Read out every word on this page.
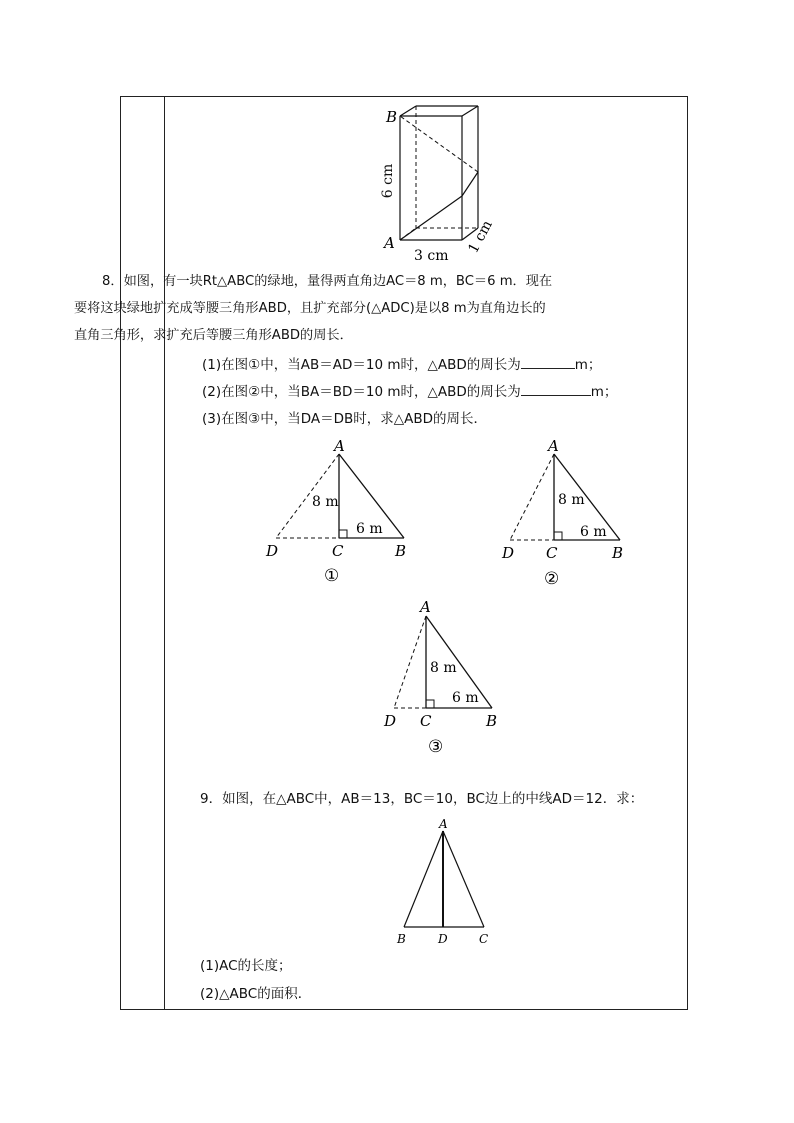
B
A
3 cm
1 cm
6 cm
8．如图，有一块Rt△ABC的绿地，量得两直角边AC＝8 m，BC＝6 m．现在
要将这块绿地扩充成等腰三角形ABD，且扩充部分(△ADC)是以8 m为直角边长的
直角三角形，求扩充后等腰三角形ABD的周长．
(1)在图①中，当AB＝AD＝10 m时，△ABD的周长为	m；
(2)在图②中，当BA＝BD＝10 m时，△ABD的周长为	m；
(3)在图③中，当DA＝DB时，求△ABD的周长．
A
D	C	B
8 m
6 m
①
A
D C	B
8 m
6 m
②
A
D C	B
8 m
6 m
③
9．如图，在△ABC中，AB＝13，BC＝10，BC边上的中线AD＝12．求：
A
B	D	C
(1)AC的长度；
(2)△ABC的面积．
